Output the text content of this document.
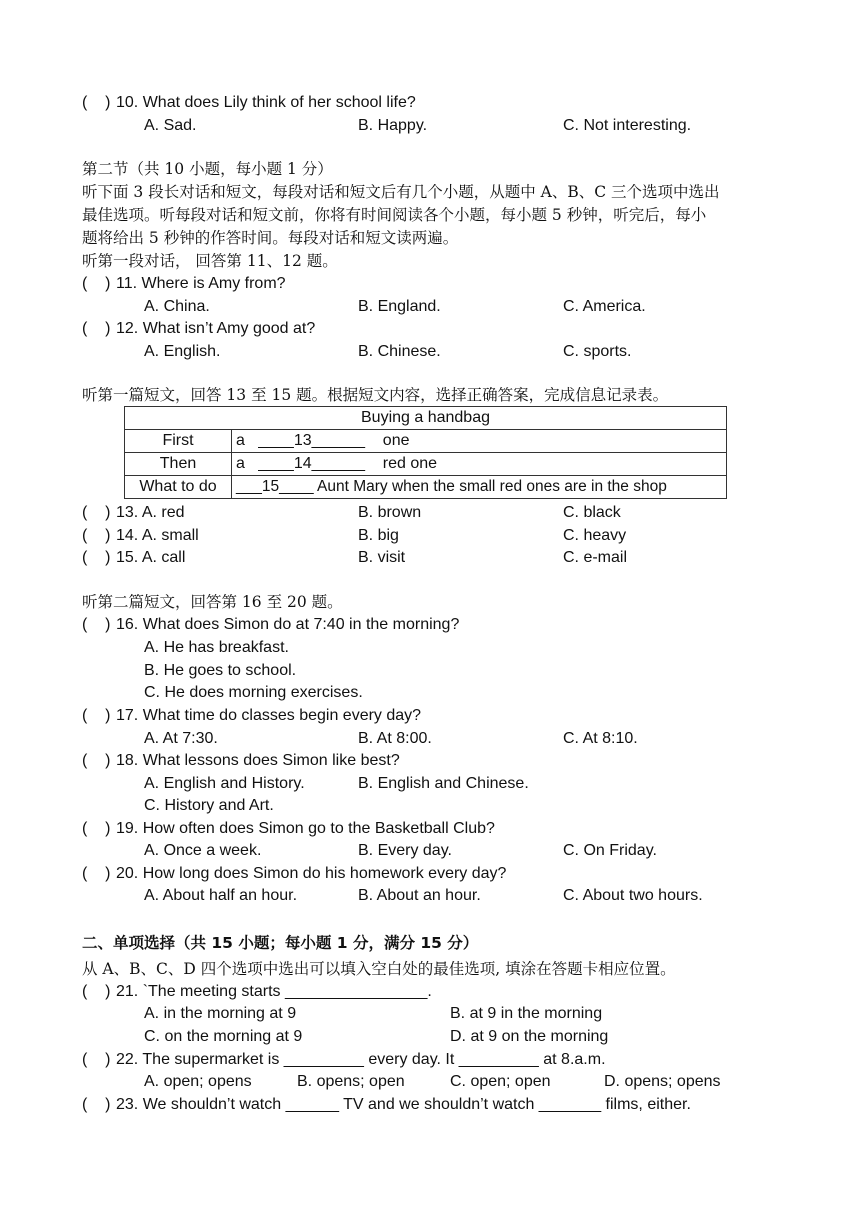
( ) 10. What does Lily think of her school life?
A. Sad.	B. Happy.	C. Not interesting.
第二节（共 10 小题，每小题 1 分）
听下面 3 段长对话和短文，每段对话和短文后有几个小题，从题中 A、B、C 三个选项中选出
最佳选项。听每段对话和短文前，你将有时间阅读各个小题，每小题 5 秒钟，听完后，每小
题将给出 5 秒钟的作答时间。每段对话和短文读两遍。
听第一段对话， 回答第 11、12 题。
(    ) 11. Where is Amy from?
A. China.	B. England.	C. America.
(    ) 12. What isn’t Amy good at?
A. English.	B. Chinese.	C. sports.
听第一篇短文，回答 13 至 15 题。根据短文内容，选择正确答案，完成信息记录表。
Buying a handbag	
First	a   ____13______    one
Then	a   ____14______    red one
What to do	___15____ Aunt Mary when the small red ones are in the shop
(    ) 13. A. red	B. brown	C. black
(    ) 14. A. small	B. big	C. heavy
(    ) 15. A. call	B. visit	C. e-mail
听第二篇短文，回答第 16 至 20 题。
(    ) 16. What does Simon do at 7:40 in the morning?
A. He has breakfast.
B. He goes to school.
C. He does morning exercises.
(    ) 17. What time do classes begin every day?
A. At 7:30.	B. At 8:00.	C. At 8:10.
(    ) 18. What lessons does Simon like best?
A. English and History.	B. English and Chinese.
C. History and Art.
(    ) 19. How often does Simon go to the Basketball Club?
A. Once a week.	B. Every day.	C. On Friday.
(    ) 20. How long does Simon do his homework every day?
A. About half an hour.	B. About an hour.	C. About two hours.
二、单项选择（共 15 小题；每小题 1 分，满分 15 分）
从 A、B、C、D 四个选项中选出可以填入空白处的最佳选项, 填涂在答题卡相应位置。
(    ) 21. `The meeting starts ________________.
A. in the morning at 9	B. at 9 in the morning
C. on the morning at 9	D. at 9 on the morning
(    ) 22. The supermarket is _________ every day. It _________ at 8.a.m.
A. open; opens	B. opens; open	C. open; open	D. opens; opens
(    ) 23. We shouldn’t watch ______ TV and we shouldn’t watch _______ films, either.
